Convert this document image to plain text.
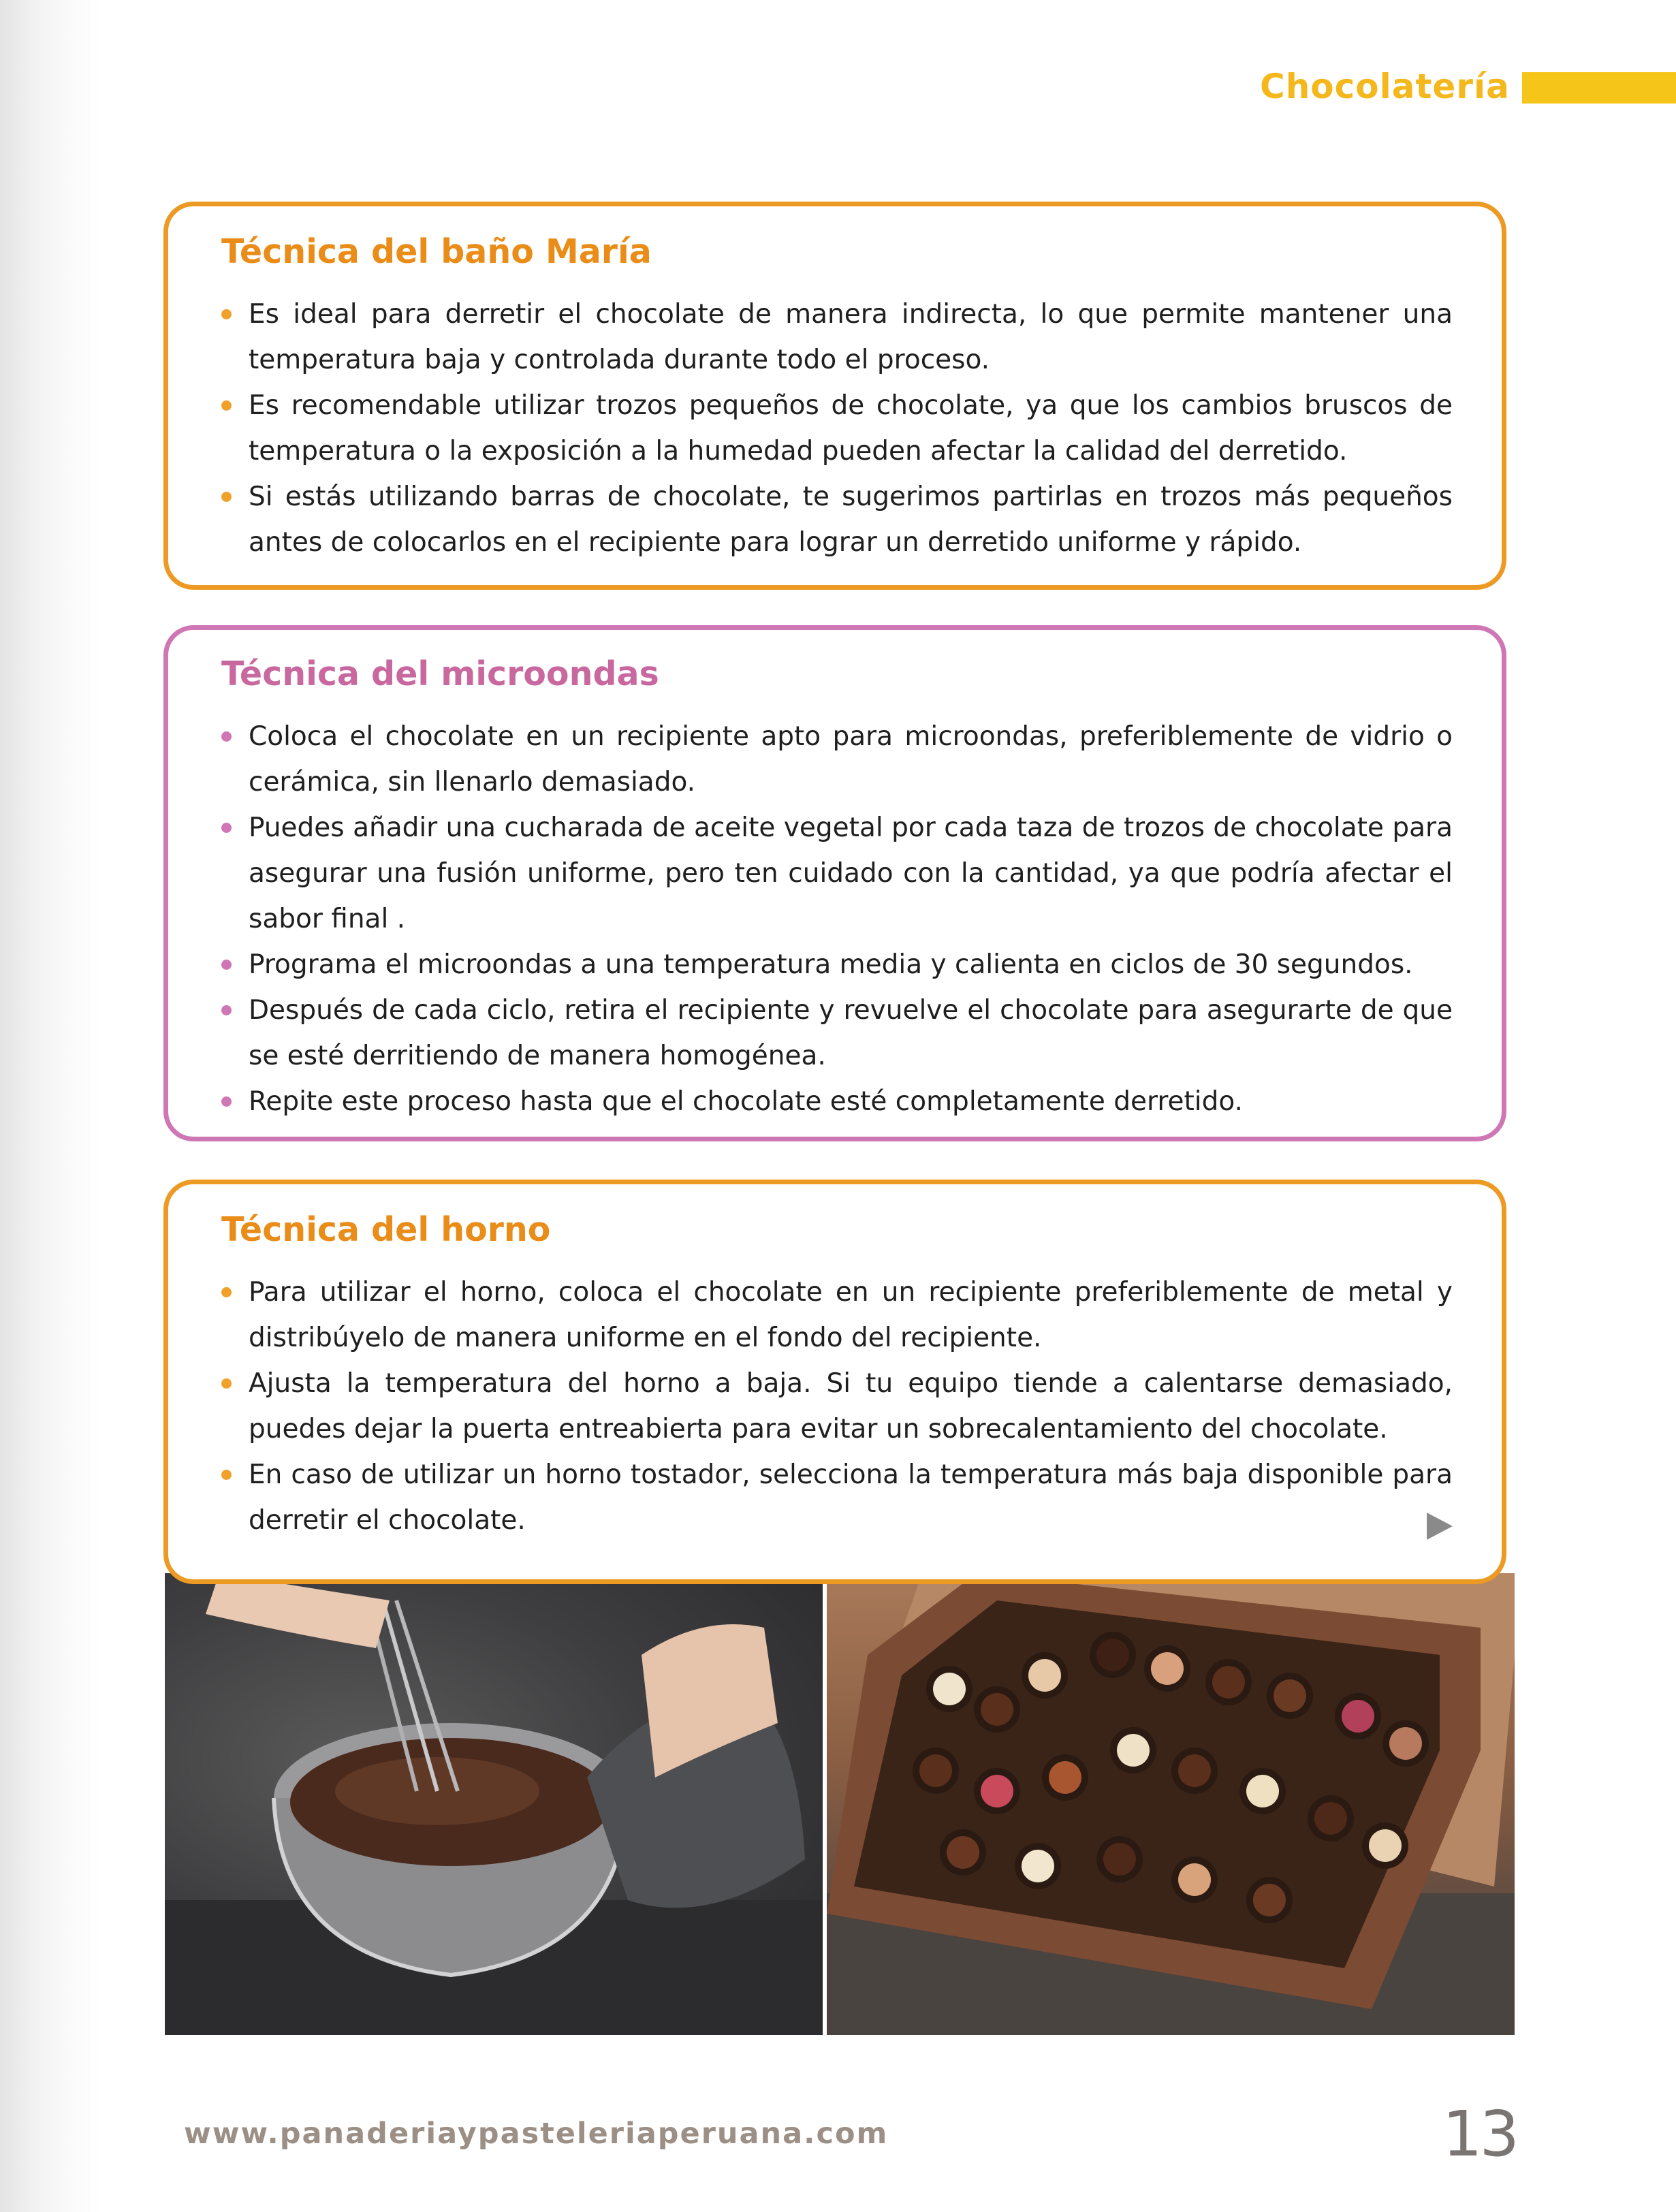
Chocolatería
Técnica del baño María
Es ideal para derretir el chocolate de manera indirecta, lo que permite mantener una temperatura baja y controlada durante todo el proceso.
Es recomendable utilizar trozos pequeños de chocolate, ya que los cambios bruscos de temperatura o la exposición a la humedad pueden afectar la calidad del derretido.
Si estás utilizando barras de chocolate, te sugerimos partirlas en trozos más pequeños antes de colocarlos en el recipiente para lograr un derretido uniforme y rápido.
Técnica del microondas
Coloca el chocolate en un recipiente apto para microondas, preferiblemente de vidrio o cerámica, sin llenarlo demasiado.
Puedes añadir una cucharada de aceite vegetal por cada taza de trozos de chocolate para asegurar una fusión uniforme, pero ten cuidado con la cantidad, ya que podría afectar el sabor final .
Programa el microondas a una temperatura media y calienta en ciclos de 30 segundos.
Después de cada ciclo, retira el recipiente y revuelve el chocolate para asegurarte de que se esté derritiendo de manera homogénea.
Repite este proceso hasta que el chocolate esté completamente derretido.
Técnica del horno
Para utilizar el horno, coloca el chocolate en un recipiente preferiblemente de metal y distribúyelo de manera uniforme en el fondo del recipiente.
Ajusta la temperatura del horno a baja. Si tu equipo tiende a calentarse demasiado, puedes dejar la puerta entreabierta para evitar un sobrecalentamiento del chocolate.
En caso de utilizar un horno tostador, selecciona la temperatura más baja disponible para derretir el chocolate.
www.panaderiaypasteleriaperuana.com	13
